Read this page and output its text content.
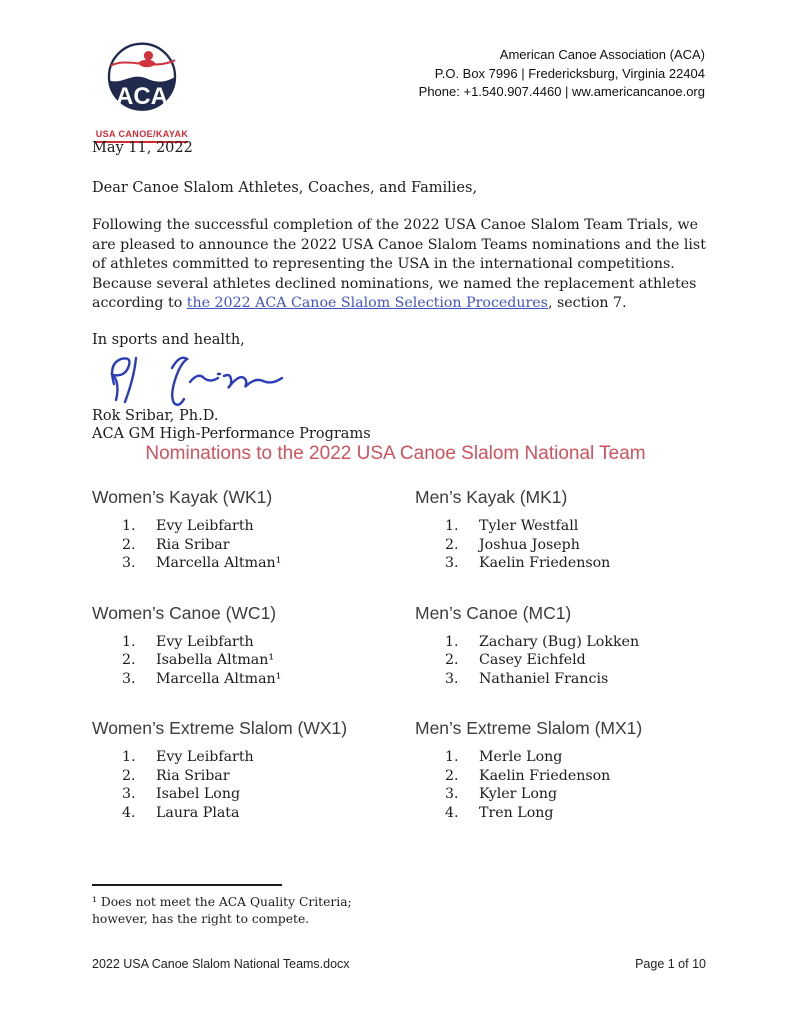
ACA
USA CANOE/KAYAK
American Canoe Association (ACA)
P.O. Box 7996 | Fredericksburg, Virginia 22404
Phone: +1.540.907.4460 | ww.americancanoe.org
May 11, 2022
Dear Canoe Slalom Athletes, Coaches, and Families,

Following the successful completion of the 2022 USA Canoe Slalom Team Trials, we are pleased to announce the 2022 USA Canoe Slalom Teams nominations and the list of athletes committed to representing the USA in the international competitions. Because several athletes declined nominations, we named the replacement athletes according to the 2022 ACA Canoe Slalom Selection Procedures, section 7.

In sports and health,
Rok Sribar, Ph.D.
ACA GM High-Performance Programs
Nominations to the 2022 USA Canoe Slalom National Team
Women’s Kayak (WK1)
Evy Leibfarth
Ria Sribar
Marcella Altman¹
Men’s Kayak (MK1)
Tyler Westfall
Joshua Joseph
Kaelin Friedenson
Women’s Canoe (WC1)
Evy Leibfarth
Isabella Altman¹
Marcella Altman¹
Men’s Canoe (MC1)
Zachary (Bug) Lokken
Casey Eichfeld
Nathaniel Francis
Women’s Extreme Slalom (WX1)
Evy Leibfarth
Ria Sribar
Isabel Long
Laura Plata
Men’s Extreme Slalom (MX1)
Merle Long
Kaelin Friedenson
Kyler Long
Tren Long
¹ Does not meet the ACA Quality Criteria; however, has the right to compete.
2022 USA Canoe Slalom National Teams.docx	Page 1 of 10
